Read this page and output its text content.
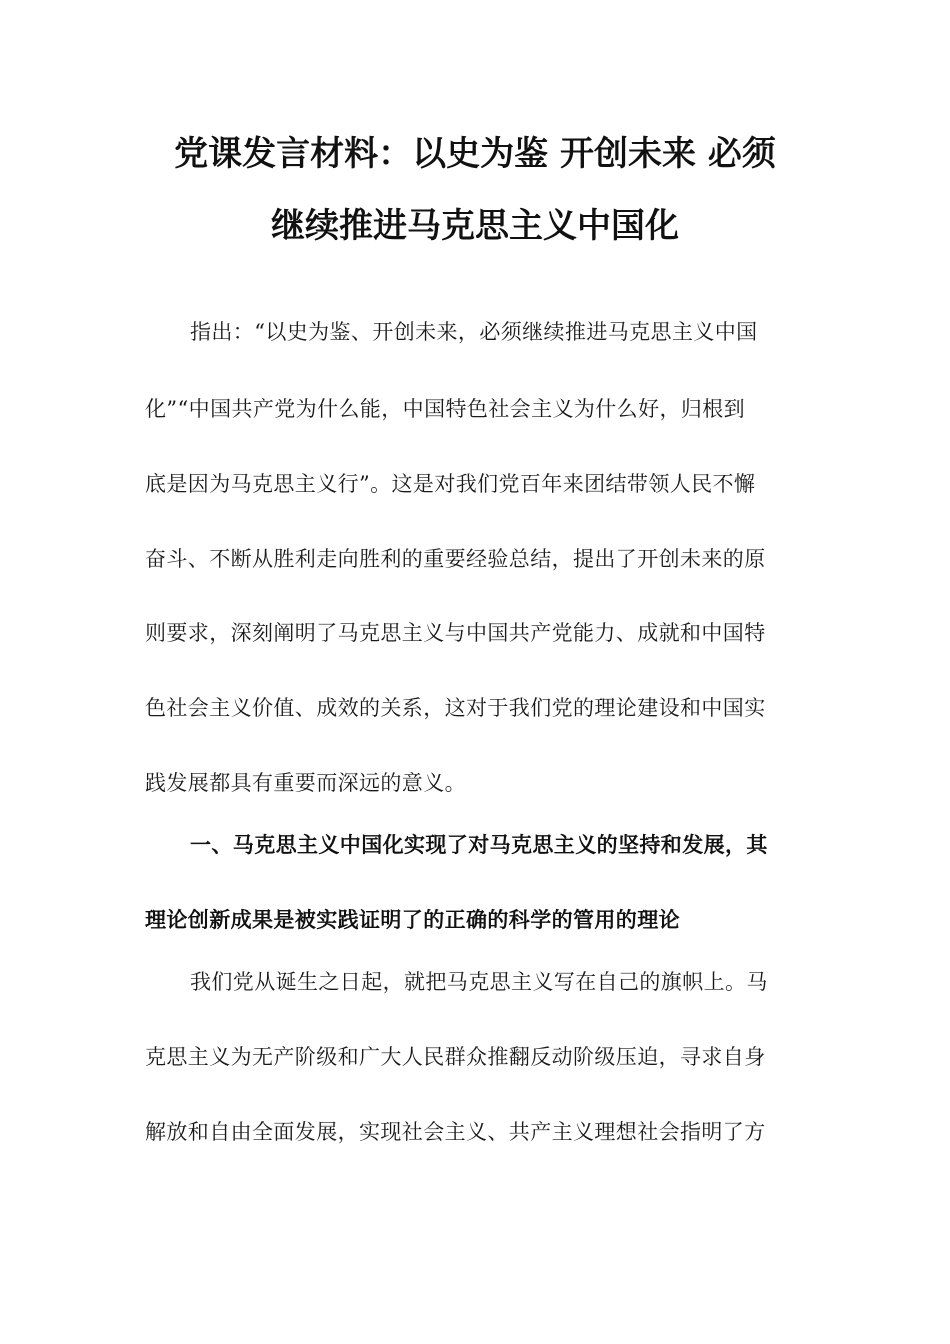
党课发言材料：以史为鉴 开创未来 必须
继续推进马克思主义中国化
指出：“以史为鉴、开创未来，必须继续推进马克思主义中国
化”“中国共产党为什么能，中国特色社会主义为什么好，归根到
底是因为马克思主义行”。这是对我们党百年来团结带领人民不懈
奋斗、不断从胜利走向胜利的重要经验总结，提出了开创未来的原
则要求，深刻阐明了马克思主义与中国共产党能力、成就和中国特
色社会主义价值、成效的关系，这对于我们党的理论建设和中国实
践发展都具有重要而深远的意义。
一、马克思主义中国化实现了对马克思主义的坚持和发展，其
理论创新成果是被实践证明了的正确的科学的管用的理论
我们党从诞生之日起，就把马克思主义写在自己的旗帜上。马
克思主义为无产阶级和广大人民群众推翻反动阶级压迫，寻求自身
解放和自由全面发展，实现社会主义、共产主义理想社会指明了方
